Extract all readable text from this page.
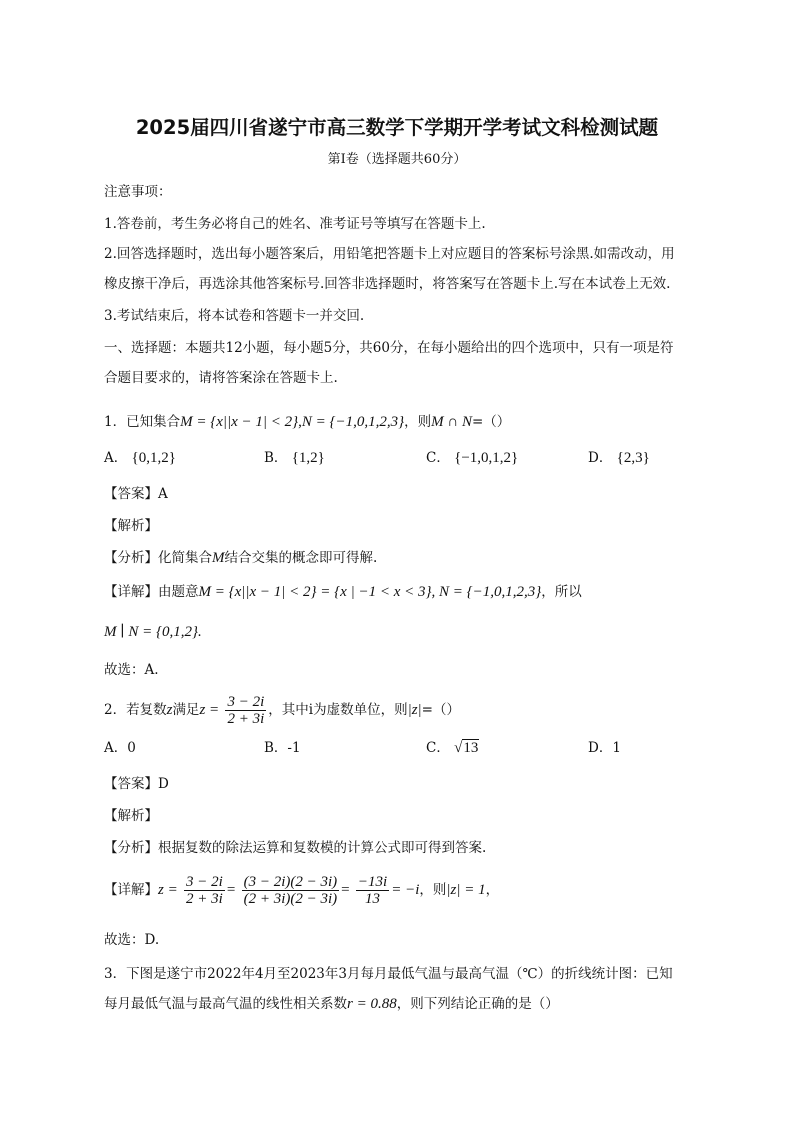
2025届四川省遂宁市高三数学下学期开学考试文科检测试题
第I卷（选择题共60分）
注意事项：
1.答卷前，考生务必将自己的姓名、准考证号等填写在答题卡上.
2.回答选择题时，选出每小题答案后，用铅笔把答题卡上对应题目的答案标号涂黑.如需改动，用
橡皮擦干净后，再选涂其他答案标号.回答非选择题时，将答案写在答题卡上.写在本试卷上无效.
3.考试结束后，将本试卷和答题卡一并交回.
一、选择题：本题共12小题，每小题5分，共60分，在每小题给出的四个选项中，只有一项是符
合题目要求的，请将答案涂在答题卡上.
1．已知集合M = {x||x − 1| < 2},N = {−1,0,1,2,3}，则M ∩ N=（）
A． {0,1,2}	B． {1,2}	C． {−1,0,1,2}	D． {2,3}
【答案】A
【解析】
【分析】化简集合M结合交集的概念即可得解.
【详解】由题意M = {x||x − 1| < 2} = {x | −1 < x < 3}, N = {−1,0,1,2,3}，所以
M ∣ N = {0,1,2}.
故选：A.
2．若复数z满足$z = \frac{3 - 2i}{2 + 3i}$ ，其中i为虚数单位，则|z|=（）
A．0	B．-1	C． √13	D．1
【答案】D
【解析】
【分析】根据复数的除法运算和复数模的计算公式即可得到答案.
【详解】$z = \frac{3 - 2i}{2 + 3i} = \frac{(3 - 2i)(2 - 3i)}{(2 + 3i)(2 - 3i)} = \frac{-13i}{13} = -i$，则|z| = 1，
故选：D.
3．下图是遂宁市2022年4月至2023年3月每月最低气温与最高气温（℃）的折线统计图：已知
每月最低气温与最高气温的线性相关系数r = 0.88，则下列结论正确的是（）
